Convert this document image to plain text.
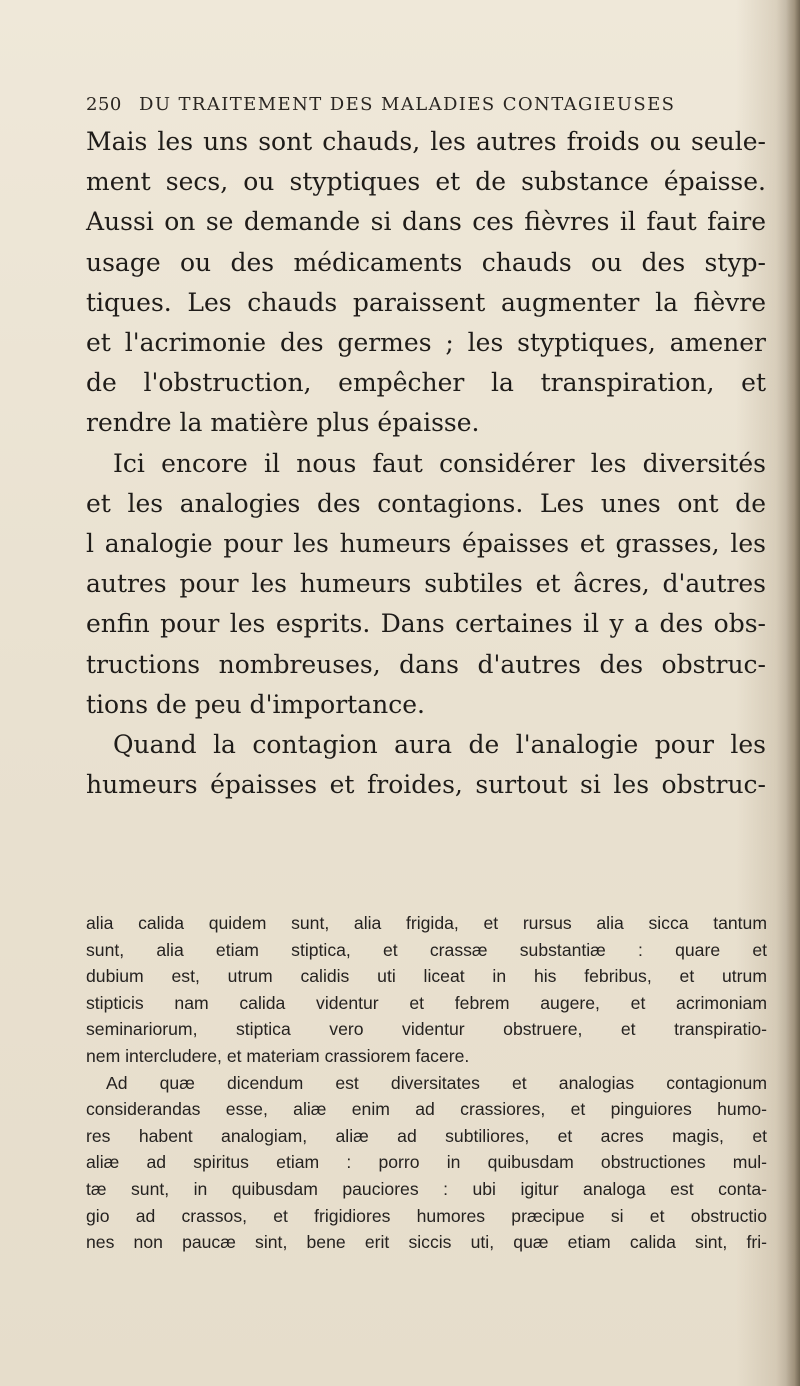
250 DU TRAITEMENT DES MALADIES CONTAGIEUSES
Mais les uns sont chauds, les autres froids ou seule-
ment secs, ou styptiques et de substance épaisse.
Aussi on se demande si dans ces fièvres il faut faire
usage ou des médicaments chauds ou des styp-
tiques. Les chauds paraissent augmenter la fièvre
et l'acrimonie des germes ; les styptiques, amener
de l'obstruction, empêcher la transpiration, et
rendre la matière plus épaisse.
Ici encore il nous faut considérer les diversités
et les analogies des contagions. Les unes ont de
l analogie pour les humeurs épaisses et grasses, les
autres pour les humeurs subtiles et âcres, d'autres
enfin pour les esprits. Dans certaines il y a des obs-
tructions nombreuses, dans d'autres des obstruc-
tions de peu d'importance.
Quand la contagion aura de l'analogie pour les
humeurs épaisses et froides, surtout si les obstruc-
alia calida quidem sunt, alia frigida, et rursus alia sicca tantum
sunt, alia etiam stiptica, et crassæ substantiæ : quare et
dubium est, utrum calidis uti liceat in his febribus, et utrum
stipticis nam calida videntur et febrem augere, et acrimoniam
seminariorum, stiptica vero videntur obstruere, et transpiratio-
nem intercludere, et materiam crassiorem facere.
Ad quæ dicendum est diversitates et analogias contagionum
considerandas esse, aliæ enim ad crassiores, et pinguiores humo-
res habent analogiam, aliæ ad subtiliores, et acres magis, et
aliæ ad spiritus etiam : porro in quibusdam obstructiones mul-
tæ sunt, in quibusdam pauciores : ubi igitur analoga est conta-
gio ad crassos, et frigidiores humores præcipue si et obstructio
nes non paucæ sint, bene erit siccis uti, quæ etiam calida sint, fri-
